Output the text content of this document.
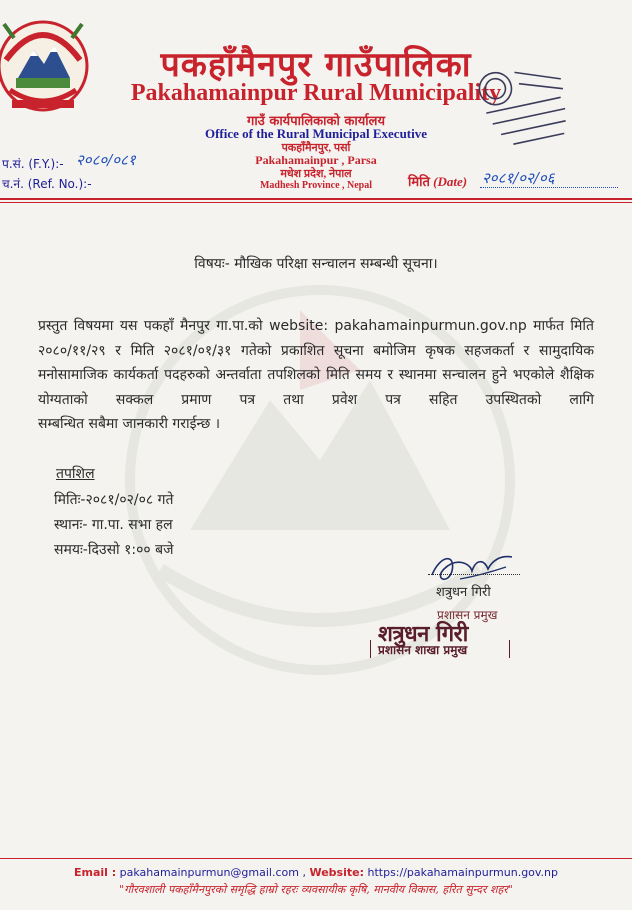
पकहाँमैनपुर गाउँपालिका
Pakahamainpur Rural Municipality
गाउँ कार्यपालिकाको कार्यालय
Office of the Rural Municipal Executive
पकहाँमैनपुर, पर्सा
Pakahamainpur , Parsa
मधेश प्रदेश, नेपाल
Madhesh Province , Nepal
प.सं. (F.Y.):- २०८०/०८१
च.नं. (Ref. No.):-	मिति (Date) २०८१/०२/०६
विषयः- मौखिक परिक्षा सन्चालन सम्बन्धी सूचना।
प्रस्तुत विषयमा यस पकहाँ मैनपुर गा.पा.को website: pakahamainpurmun.gov.np मार्फत मिति २०८०/११/२९ र मिति २०८१/०१/३१ गतेको प्रकाशित सूचना बमोजिम कृषक सहजकर्ता र सामुदायिक मनोसामाजिक कार्यकर्ता पदहरुको अन्तर्वाता तपशिलको मिति समय र स्थानमा सन्चालन हुने भएकोले शैक्षिक योग्यताको सक्कल प्रमाण पत्र तथा प्रवेश पत्र सहित उपस्थितको लागि
सम्बन्धित सबैमा जानकारी गराईन्छ ।
तपशिल
मितिः-२०८१/०२/०८ गते
स्थानः- गा.पा. सभा हल
समयः-दिउसो १:०० बजे
शत्रुधन गिरी
प्रशासन प्रमुख
शत्रुधन गिरी
प्रशासन शाखा प्रमुख
Email : pakahamainpurmun@gmail.com , Website: https://pakahamainpurmun.gov.np
"गौरवशाली पकहाँमैनपुरको समृद्धि हाम्रो रहरः व्यवसायीक कृषि, मानवीय विकास, हरित सुन्दर शहर"
